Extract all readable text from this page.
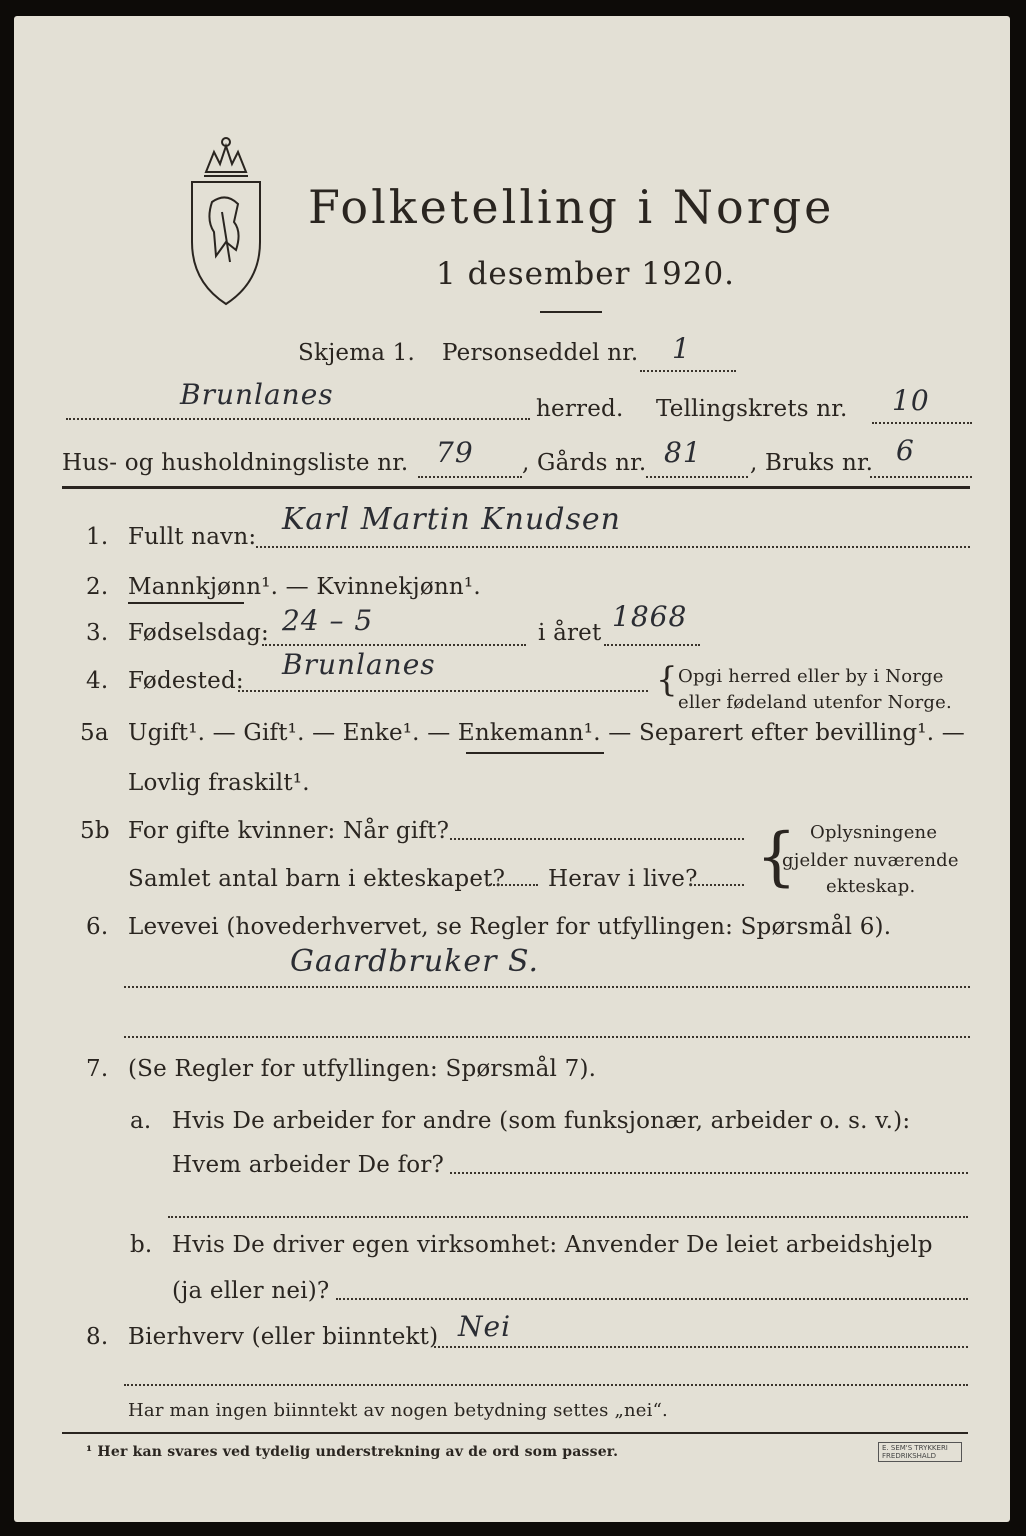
Folketelling i Norge
1 desember 1920.
Skjema 1. Personseddel nr. 1
Brunlanes	herred. Tellingskrets nr. 10
Hus- og husholdningsliste nr. 79 , Gårds nr. 81 , Bruks nr. 6
1. Fullt navn: Karl Martin Knudsen
2. Mannkjønn¹. — Kvinnekjønn¹.
3. Fødselsdag: 24 – 5	i året 1868
4. Fødested: Brunlanes	{ Opgi herred eller by i Norge
eller fødeland utenfor Norge.
5a Ugift¹. — Gift¹. — Enke¹. — Enkemann¹. — Separert efter bevilling¹. —
Lovlig fraskilt¹.
5b For gifte kvinner: Når gift?
Samlet antal barn i ekteskapet? Herav i live? { Oplysningene
gjelder nuværende
ekteskap.
6. Levevei (hovederhvervet, se Regler for utfyllingen: Spørsmål 6).
Gaardbruker S.
7. (Se Regler for utfyllingen: Spørsmål 7).
a. Hvis De arbeider for andre (som funksjonær, arbeider o. s. v.):
Hvem arbeider De for?
b. Hvis De driver egen virksomhet: Anvender De leiet arbeidshjelp
(ja eller nei)?
8. Bierhverv (eller biinntekt) Nei
Har man ingen biinntekt av nogen betydning settes „nei“.
¹ Her kan svares ved tydelig understrekning av de ord som passer.	E. SEM'S TRYKKERI FREDRIKSHALD
